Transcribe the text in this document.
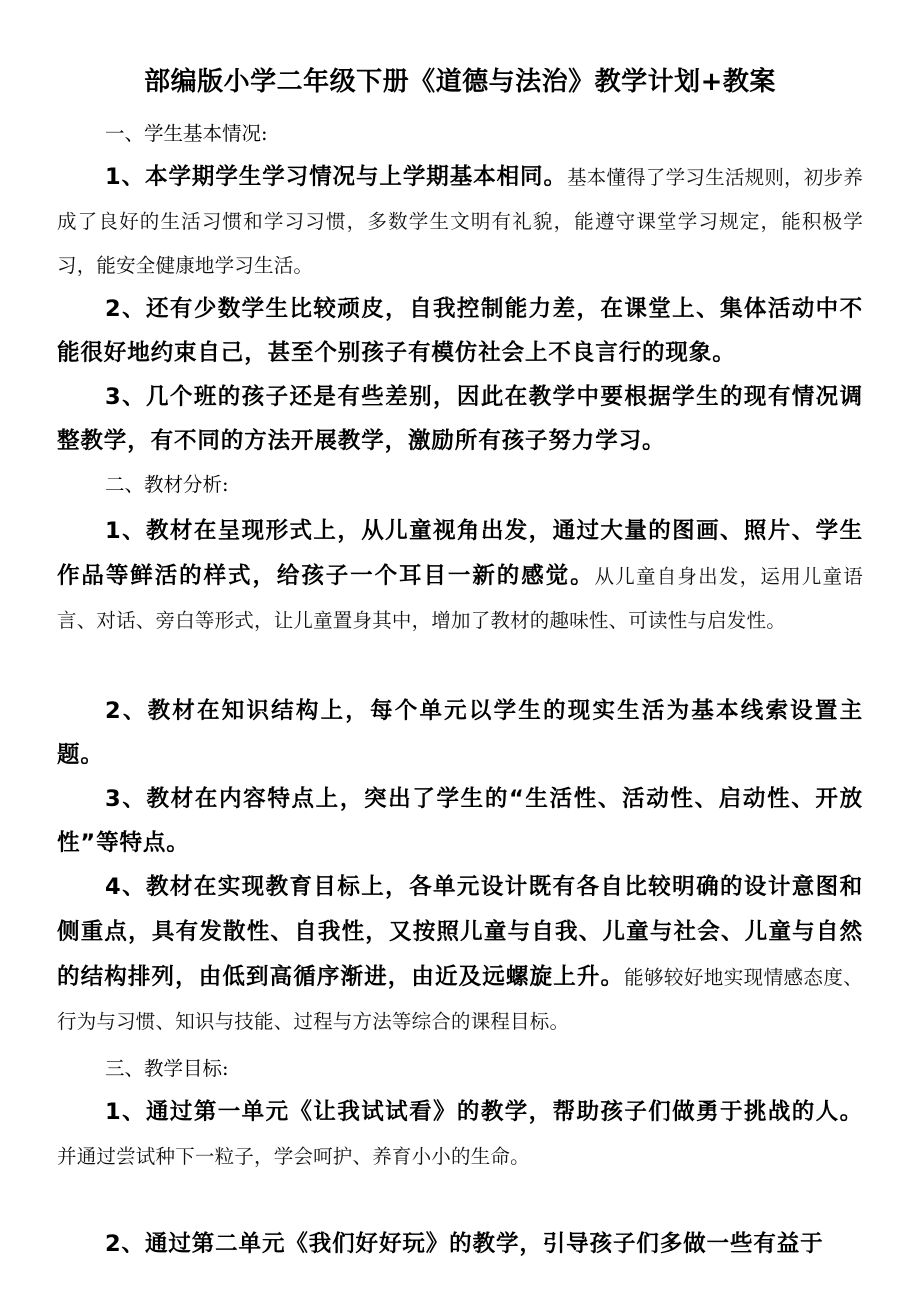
部编版小学二年级下册《道德与法治》教学计划+教案

一、学生基本情况:

1、本学期学生学习情况与上学期基本相同。基本懂得了学习生活规则，初步养成了良好的生活习惯和学习习惯，多数学生文明有礼貌，能遵守课堂学习规定，能积极学习，能安全健康地学习生活。

2、还有少数学生比较顽皮，自我控制能力差，在课堂上、集体活动中不能很好地约束自己，甚至个别孩子有模仿社会上不良言行的现象。

3、几个班的孩子还是有些差别，因此在教学中要根据学生的现有情况调整教学，有不同的方法开展教学，激励所有孩子努力学习。

二、教材分析:

1、教材在呈现形式上，从儿童视角出发，通过大量的图画、照片、学生作品等鲜活的样式，给孩子一个耳目一新的感觉。从儿童自身出发，运用儿童语言、对话、旁白等形式，让儿童置身其中，增加了教材的趣味性、可读性与启发性。

2、教材在知识结构上，每个单元以学生的现实生活为基本线索设置主题。

3、教材在内容特点上，突出了学生的“生活性、活动性、启动性、开放性”等特点。

4、教材在实现教育目标上，各单元设计既有各自比较明确的设计意图和侧重点，具有发散性、自我性，又按照儿童与自我、儿童与社会、儿童与自然的结构排列，由低到高循序渐进，由近及远螺旋上升。能够较好地实现情感态度、行为与习惯、知识与技能、过程与方法等综合的课程目标。

三、教学目标:

1、通过第一单元《让我试试看》的教学，帮助孩子们做勇于挑战的人。并通过尝试种下一粒子，学会呵护、养育小小的生命。

2、通过第二单元《我们好好玩》的教学，引导孩子们多做一些有益于
